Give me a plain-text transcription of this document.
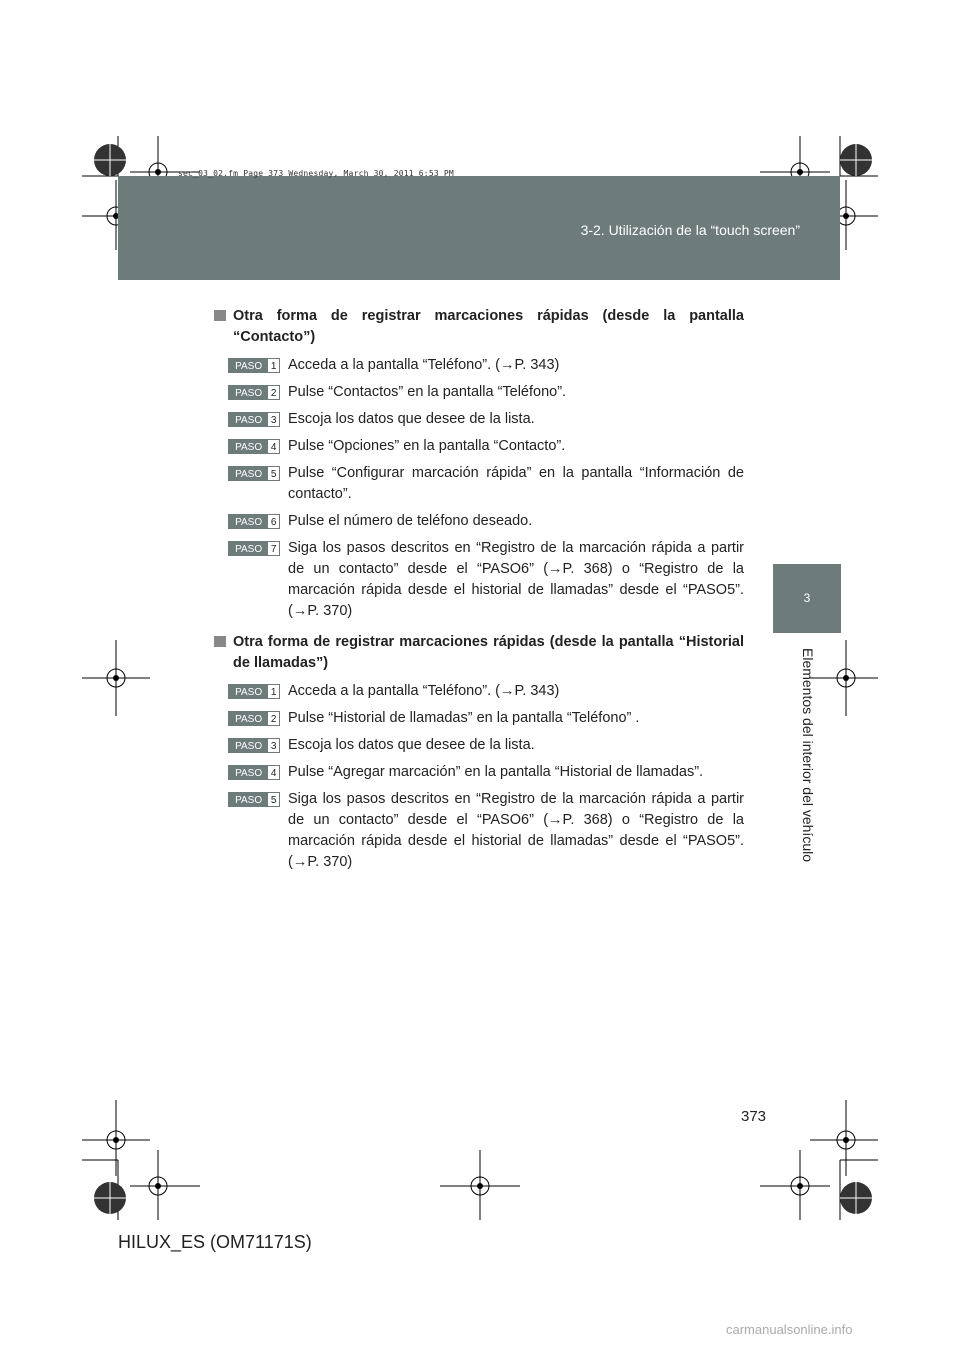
3-2. Utilización de la “touch screen”
sec_03_02.fm Page 373 Wednesday, March 30, 2011 6:53 PM
3
Elementos del interior del vehículo
Otra forma de registrar marcaciones rápidas (desde la pantalla “Contacto”)
PASO 1 Acceda a la pantalla “Teléfono”. (→P. 343)
PASO 2 Pulse “Contactos” en la pantalla “Teléfono”.
PASO 3 Escoja los datos que desee de la lista.
PASO 4 Pulse “Opciones” en la pantalla “Contacto”.
PASO 5 Pulse “Configurar marcación rápida” en la pantalla “Información de contacto”.
PASO 6 Pulse el número de teléfono deseado.
PASO 7 Siga los pasos descritos en “Registro de la marcación rápida a partir de un contacto” desde el “PASO6” (→P. 368) o “Registro de la marcación rápida desde el historial de llamadas” desde el “PASO5”. (→P. 370)
Otra forma de registrar marcaciones rápidas (desde la pantalla “Historial de llamadas”)
PASO 1 Acceda a la pantalla “Teléfono”. (→P. 343)
PASO 2 Pulse “Historial de llamadas” en la pantalla “Teléfono” .
PASO 3 Escoja los datos que desee de la lista.
PASO 4 Pulse “Agregar marcación” en la pantalla “Historial de llamadas”.
PASO 5 Siga los pasos descritos en “Registro de la marcación rápida a partir de un contacto” desde el “PASO6” (→P. 368) o “Registro de la marcación rápida desde el historial de llamadas” desde el “PASO5”. (→P. 370)
373
HILUX_ES (OM71171S)
carmanualsonline.info
